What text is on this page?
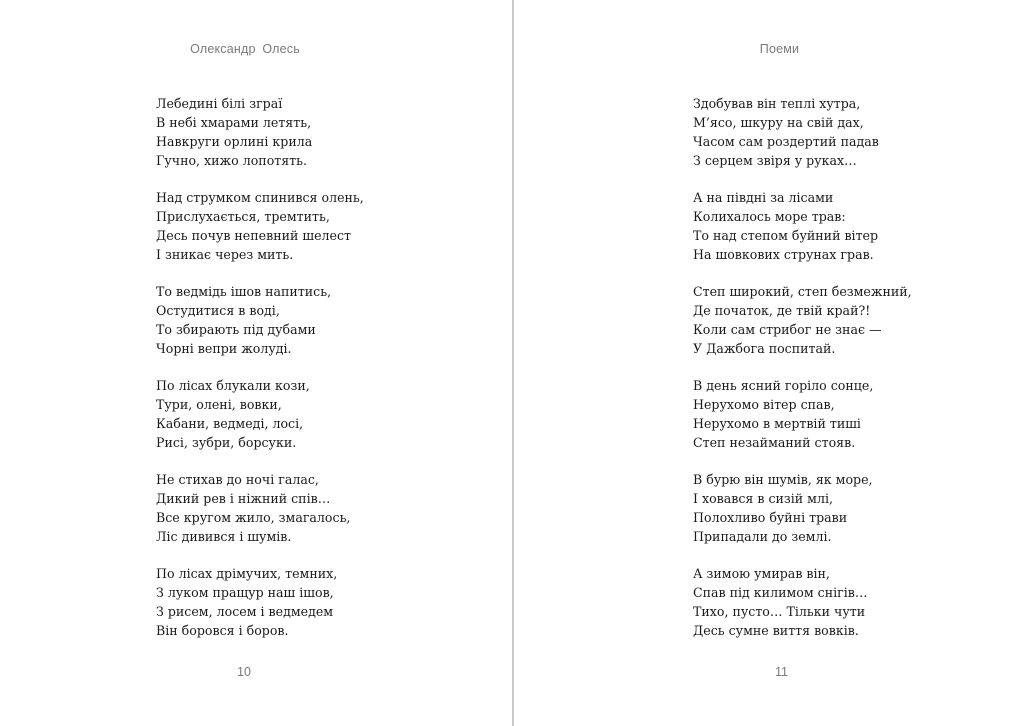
Олександр Олесь

Лебедині білі зграї
В небі хмарами летять,
Навкруги орлині крила
Гучно, хижо лопотять.

Над струмком спинився олень,
Прислухається, тремтить,
Десь почув непевний шелест
І зникає через мить.

То ведмідь ішов напитись,
Остудитися в воді,
То збирають під дубами
Чорні вепри жолуді.

По лісах блукали кози,
Тури, олені, вовки,
Кабани, ведмеді, лосі,
Рисі, зубри, борсуки.

Не стихав до ночі галас,
Дикий рев і ніжний спів…
Все кругом жило, змагалось,
Ліс дивився і шумів.

По лісах дрімучих, темних,
З луком пращур наш ішов,
З рисем, лосем і ведмедем
Він боровся і боров.

10
Поеми

Здобував він теплі хутра,
М’ясо, шкуру на свій дах,
Часом сам роздертий падав
З серцем звіря у руках…

А на півдні за лісами
Колихалось море трав:
То над степом буйний вітер
На шовкових струнах грав.

Степ широкий, степ безмежний,
Де початок, де твій край?!
Коли сам стрибог не знає —
У Дажбога поспитай.

В день ясний горіло сонце,
Нерухомо вітер спав,
Нерухомо в мертвій тиші
Степ незайманий стояв.

В бурю він шумів, як море,
І ховався в сизій млі,
Полохливо буйні трави
Припадали до землі.

А зимою умирав він,
Спав під килимом снігів…
Тихо, пусто… Тільки чути
Десь сумне виття вовків.

11
